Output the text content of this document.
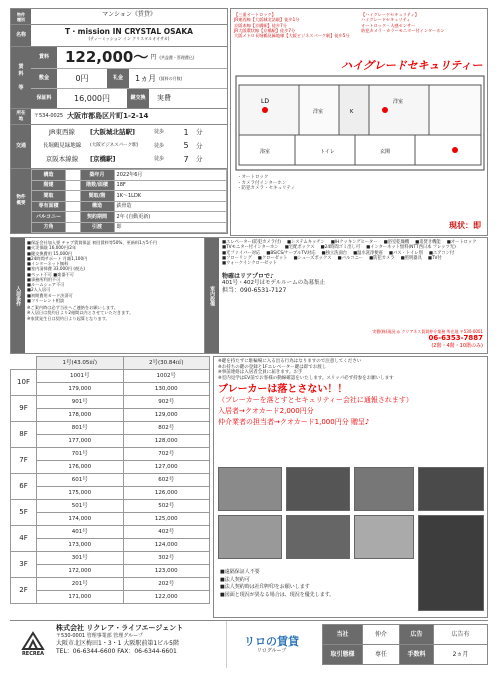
物件
種別
マンション《賃貸》
名称	T・mission IN CRYSTAL OSAKA
(ティーミッション イン クリスタルオオサカ)
賃
料

等
賃料	122,000〜 円 (共益費・管理費込)
敷金	0円	礼金	1ヵ月 (賃料の月数)
保証料	16,000円	鍵交換	実費
所在
地	〒534-0025 大阪市都島区片町1-2-14
交通
JR東西線	[大阪城北詰駅]	徒歩	1	分
長堀鶴見緑地線	(大阪ビジネスパーク駅)	徒歩	5	分
京阪本線線	[京橋駅]	徒歩	7	分
物件
概要
構造		築年月	2022年6月
階建		階数/面積	18F
間取		間取/階	1K〜1LDK
専有面積		構造	鉄骨造
バルコニー		契約期間	2年 (自動更新)
方角		引渡	即
【三重オートロック】
JR東西線【大阪城北詰駅】徒歩1分
京阪本線【京橋駅】徒歩7分
JR大阪環状線【京橋駅】徒歩7分
大阪メトロ長堀鶴見緑地線【大阪ビジネスパーク駅】徒歩5分
【ハイグレードセキュリティ】
ハイグレードセキュリティ
オートロック・人感センサー
防犯カメラ・カラーモニター付インターホン
ハイグレードセキュリティー
LD
洋室
洋室
K
浴室	トイレ	玄関
・オートロック
・カメラ付インターホン
・防犯カメラ・セキュリティ
現状：即
入居条件
■保証会社加入要 チャブ賃貸保証 初回賃料等50%、更新料1万5千円
■火災保険 16,000円/2年
■鍵交換費用 15,000円
■24時間サポート 月額1,100円
■インターネット無料
■室内清掃費 33,000円 (税込)
■ペット不可 ■楽器不可
■事務所利用不可
■ルームシェア不可
■2人入居可
■初期費用カード決済可
■フリーレント相談
※ご案内時は必ず当社へご連絡をお願いします。
※入居日は契約日より2週間以内とさせていただきます。
※家賃発生日は契約日より起算となります。
室内設備
■エレベーター(防犯カメラ付) ■システムキッチン ■IHクッキングヒーター ■浴室乾燥機 ■追焚き機能 ■オートロック
■TVモニター付インターホン ■宅配ボックス ■24時間ゴミ出し可 ■インターネット無料(NTT西日本 フレッツ光)
■光ファイバー対応 ■BS/CS/ケーブルTV対応 ■独立洗面台 ■温水洗浄便座 ■バス・トイレ別 ■エアコン付
■フローリング ■クローゼット ■シューズボックス ■バルコニー ■防犯カメラ ■照明器具 ■TV付
■ウォークインクローゼット
物確はリアプロで♪
401号・402号はモデルルームの為募集止
担当：090-6531-7127
実費(株)現況 ◎ クリアネス賃貸仲介業務 所在地 〒530-0001
06-6353-7887
(2階・4階・10階のみ)
	1号(43.05㎡)	2号(30.84㎡)
10F	1001号	1002号
	179,000	130,000
9F	901号	902号
	178,000	129,000
8F	801号	802号
	177,000	128,000
7F	701号	702号
	176,000	127,000
6F	601号	602号
	175,000	126,000
5F	501号	502号
	174,000	125,000
4F	401号	402号
	173,000	124,000
3F	301号	302号
	172,000	123,000
2F	201号	202号
	171,000	122,000
※鍵を持たずに駐輪場に入る出る行為はなりますので注意してください
※お持ちの鍵の登録と1Fエレベーター鍵は即でお渡し
※事前連絡は入居者全員に届きます。お手
※室内見学はEV前でお客様の動線確認をいたします。スリッパ必ず持参をお願いします
ブレーカーは落とさない！！
（ブレーカーを落とすとセキュリティー会社に通報されます）
入居者→クオカード2,000円分
仲介業者の担当者→クオカード1,000円分 贈呈♪
■遠隔保証人不要
■法人契約可
■法人契約時は社印押印をお願いします
■図面と現況が異なる場合は、現況を優先します。
RECREA
株式会社 リクレア・ライフエージェント
〒530-0001 管理事業部 管理グループ
大阪市北区梅田1・3・1 大阪駅前第1ビル5階
TEL：06-6344-6600 FAX：06-6344-6601
リロの賃貸
リログループ
当社	仲介	広告	広告有
取引態様	専任	手数料	2ヵ月
